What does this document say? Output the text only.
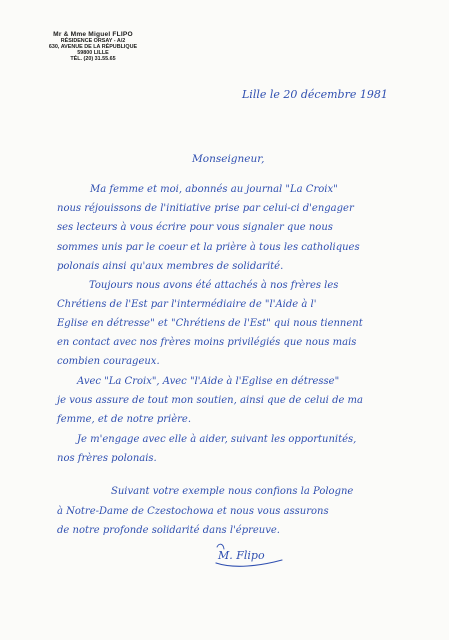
Mr & Mme Miguel FLIPO
RÉSIDENCE ORSAY - A/2
630, AVENUE DE LA RÉPUBLIQUE
59800 LILLE
TÉL. (20) 31.55.65
Lille le 20 décembre 1981
Monseigneur,
Ma femme et moi, abonnés au journal "La Croix"
nous réjouissons de l'initiative prise par celui-ci d'engager
ses lecteurs à vous écrire pour vous signaler que nous
sommes unis par le coeur et la prière à tous les catholiques
polonais ainsi qu'aux membres de solidarité.
Toujours nous avons été attachés à nos frères les
Chrétiens de l'Est par l'intermédiaire de "l'Aide à l'
Eglise en détresse" et "Chrétiens de l'Est" qui nous tiennent
en contact avec nos frères moins privilégiés que nous mais
combien courageux.
Avec "La Croix", Avec "l'Aide à l'Eglise en détresse"
je vous assure de tout mon soutien, ainsi que de celui de ma
femme, et de notre prière.
Je m'engage avec elle à aider, suivant les opportunités,
nos frères polonais.
Suivant votre exemple nous confions la Pologne
à Notre-Dame de Czestochowa et nous vous assurons
de notre profonde solidarité dans l'épreuve.
M. Flipo
